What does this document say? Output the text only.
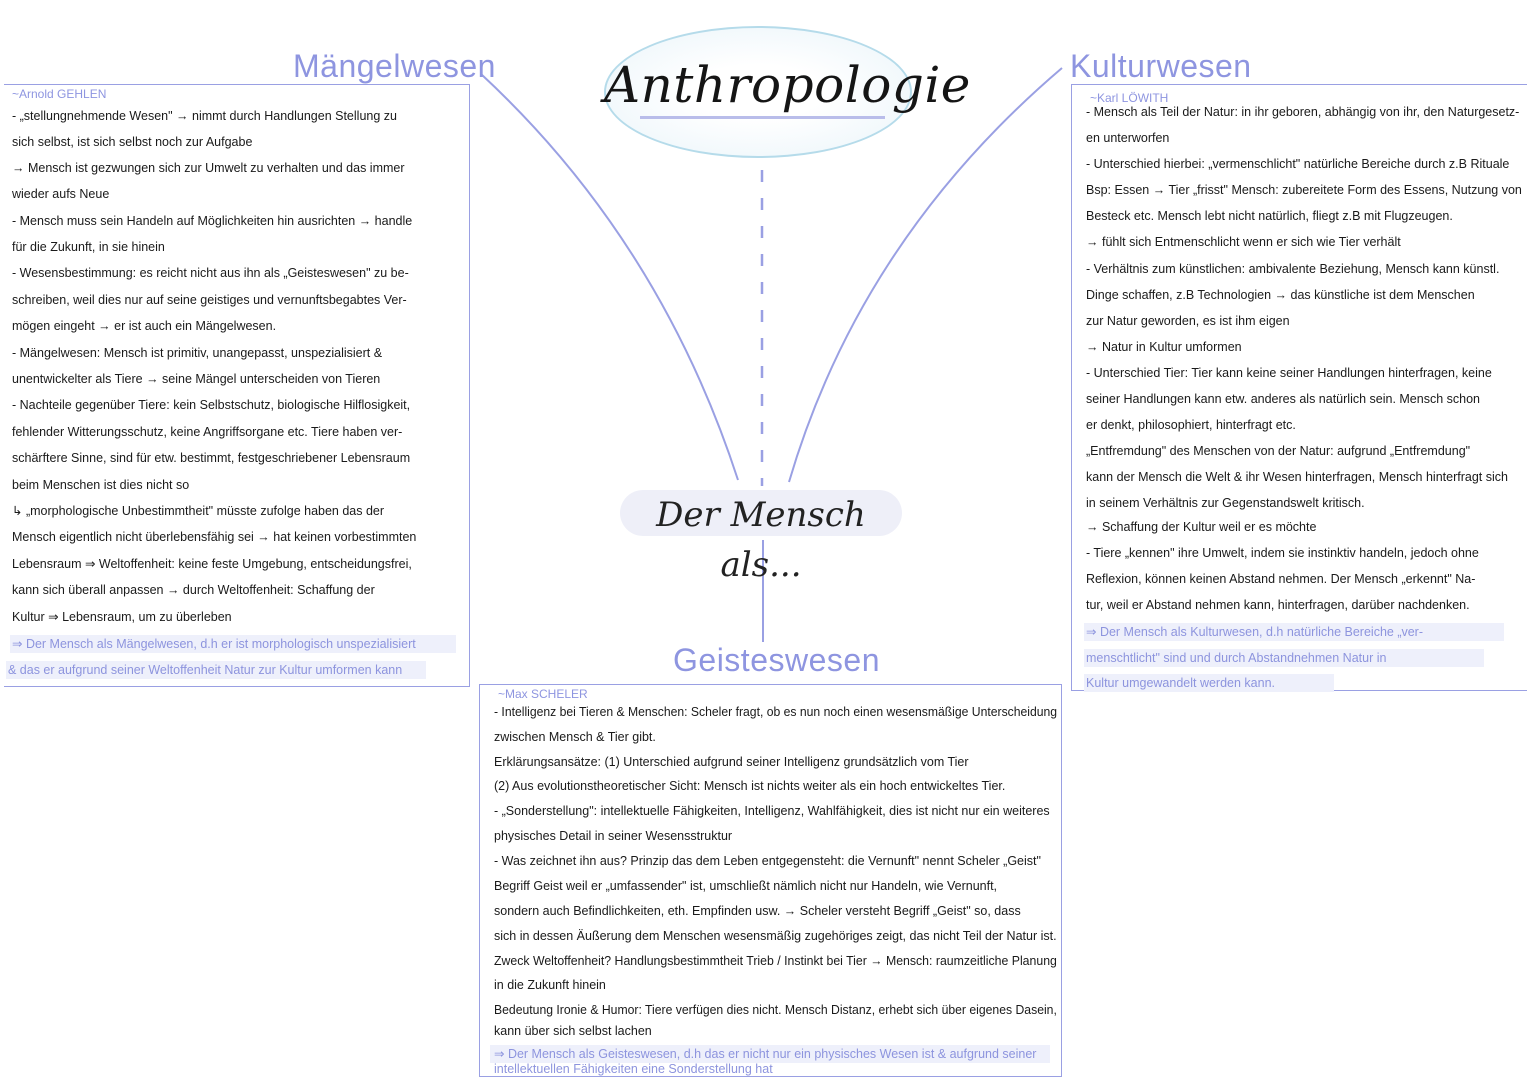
Anthropologie
Der Mensch als...
Mängelwesen	Kulturwesen
Geisteswesen
~Arnold GEHLEN
- „stellungnehmende Wesen" → nimmt durch Handlungen Stellung zu
sich selbst, ist sich selbst noch zur Aufgabe
→ Mensch ist gezwungen sich zur Umwelt zu verhalten und das immer
wieder aufs Neue
- Mensch muss sein Handeln auf Möglichkeiten hin ausrichten → handle
für die Zukunft, in sie hinein
- Wesensbestimmung: es reicht nicht aus ihn als „Geisteswesen" zu be-
schreiben, weil dies nur auf seine geistiges und vernunftsbegabtes Ver-
mögen eingeht → er ist auch ein Mängelwesen.
- Mängelwesen: Mensch ist primitiv, unangepasst, unspezialisiert &
unentwickelter als Tiere → seine Mängel unterscheiden von Tieren
- Nachteile gegenüber Tiere: kein Selbstschutz, biologische Hilflosigkeit,
fehlender Witterungsschutz, keine Angriffsorgane etc. Tiere haben ver-
schärftere Sinne, sind für etw. bestimmt, festgeschriebener Lebensraum
beim Menschen ist dies nicht so
↳ „morphologische Unbestimmtheit" müsste zufolge haben das der
Mensch eigentlich nicht überlebensfähig sei → hat keinen vorbestimmten
Lebensraum ⇒ Weltoffenheit: keine feste Umgebung, entscheidungsfrei,
kann sich überall anpassen → durch Weltoffenheit: Schaffung der
Kultur ⇒ Lebensraum, um zu überleben
⇒ Der Mensch als Mängelwesen, d.h er ist morphologisch unspezialisiert
& das er aufgrund seiner Weltoffenheit Natur zur Kultur umformen kann
~Karl LÖWITH
- Mensch als Teil der Natur: in ihr geboren, abhängig von ihr, den Naturgesetz-
en unterworfen
- Unterschied hierbei: „vermenschlicht" natürliche Bereiche durch z.B Rituale
Bsp: Essen → Tier „frisst" Mensch: zubereitete Form des Essens, Nutzung von
Besteck etc. Mensch lebt nicht natürlich, fliegt z.B mit Flugzeugen.
→ fühlt sich Entmenschlicht wenn er sich wie Tier verhält
- Verhältnis zum künstlichen: ambivalente Beziehung, Mensch kann künstl.
Dinge schaffen, z.B Technologien → das künstliche ist dem Menschen
zur Natur geworden, es ist ihm eigen
→ Natur in Kultur umformen
- Unterschied Tier: Tier kann keine seiner Handlungen hinterfragen, keine
seiner Handlungen kann etw. anderes als natürlich sein. Mensch schon
er denkt, philosophiert, hinterfragt etc.
„Entfremdung" des Menschen von der Natur: aufgrund „Entfremdung"
kann der Mensch die Welt & ihr Wesen hinterfragen, Mensch hinterfragt sich
in seinem Verhältnis zur Gegenstandswelt kritisch.
→ Schaffung der Kultur weil er es möchte
- Tiere „kennen" ihre Umwelt, indem sie instinktiv handeln, jedoch ohne
Reflexion, können keinen Abstand nehmen. Der Mensch „erkennt" Na-
tur, weil er Abstand nehmen kann, hinterfragen, darüber nachdenken.
⇒ Der Mensch als Kulturwesen, d.h natürliche Bereiche „ver-
menschtlicht" sind und durch Abstandnehmen Natur in
Kultur umgewandelt werden kann.
~Max SCHELER
- Intelligenz bei Tieren & Menschen: Scheler fragt, ob es nun noch einen wesensmäßige Unterscheidung
zwischen Mensch & Tier gibt.
Erklärungsansätze: (1) Unterschied aufgrund seiner Intelligenz grundsätzlich vom Tier
(2) Aus evolutionstheoretischer Sicht: Mensch ist nichts weiter als ein hoch entwickeltes Tier.
- „Sonderstellung": intellektuelle Fähigkeiten, Intelligenz, Wahlfähigkeit, dies ist nicht nur ein weiteres
physisches Detail in seiner Wesensstruktur
- Was zeichnet ihn aus? Prinzip das dem Leben entgegensteht: die Vernunft" nennt Scheler „Geist"
Begriff Geist weil er „umfassender" ist, umschließt nämlich nicht nur Handeln, wie Vernunft,
sondern auch Befindlichkeiten, eth. Empfinden usw. → Scheler versteht Begriff „Geist" so, dass
sich in dessen Äußerung dem Menschen wesensmäßig zugehöriges zeigt, das nicht Teil der Natur ist.
Zweck Weltoffenheit? Handlungsbestimmtheit Trieb / Instinkt bei Tier → Mensch: raumzeitliche Planung
in die Zukunft hinein
Bedeutung Ironie & Humor: Tiere verfügen dies nicht. Mensch Distanz, erhebt sich über eigenes Dasein,
kann über sich selbst lachen
⇒ Der Mensch als Geisteswesen, d.h das er nicht nur ein physisches Wesen ist & aufgrund seiner
intellektuellen Fähigkeiten eine Sonderstellung hat
